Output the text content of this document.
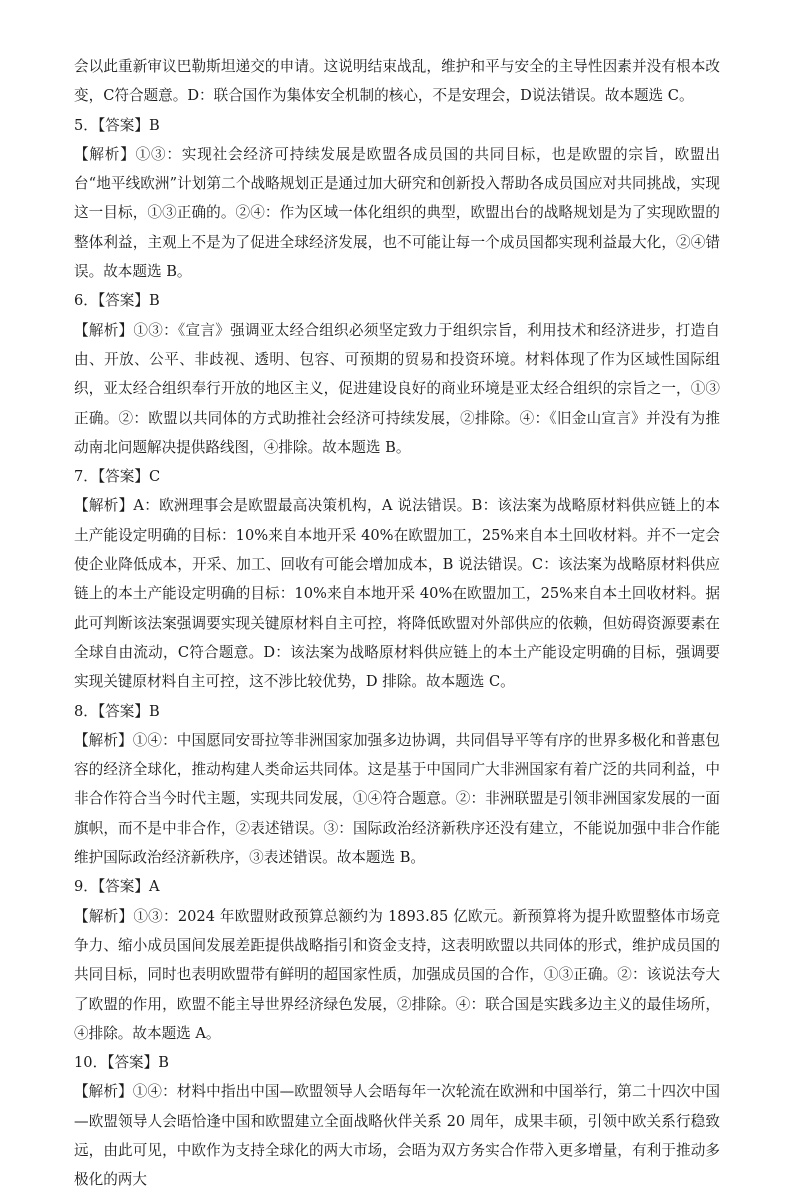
会以此重新审议巴勒斯坦递交的申请。这说明结束战乱，维护和平与安全的主导性因素并没有根本改变，C符合题意。D：联合国作为集体安全机制的核心，不是安理会，D说法错误。故本题选 C。

5．【答案】B

【解析】①③：实现社会经济可持续发展是欧盟各成员国的共同目标，也是欧盟的宗旨，欧盟出台“地平线欧洲”计划第二个战略规划正是通过加大研究和创新投入帮助各成员国应对共同挑战，实现这一目标，①③正确的。②④：作为区域一体化组织的典型，欧盟出台的战略规划是为了实现欧盟的整体利益，主观上不是为了促进全球经济发展，也不可能让每一个成员国都实现利益最大化，②④错误。故本题选 B。

6．【答案】B

【解析】①③：《宣言》强调亚太经合组织必须坚定致力于组织宗旨，利用技术和经济进步，打造自由、开放、公平、非歧视、透明、包容、可预期的贸易和投资环境。材料体现了作为区域性国际组织，亚太经合组织奉行开放的地区主义，促进建设良好的商业环境是亚太经合组织的宗旨之一，①③正确。②：欧盟以共同体的方式助推社会经济可持续发展，②排除。④：《旧金山宣言》并没有为推动南北问题解决提供路线图，④排除。故本题选 B。

7．【答案】C

【解析】A：欧洲理事会是欧盟最高决策机构，A 说法错误。B：该法案为战略原材料供应链上的本土产能设定明确的目标：10%来自本地开采 40%在欧盟加工，25%来自本土回收材料。并不一定会使企业降低成本，开采、加工、回收有可能会增加成本，B 说法错误。C：该法案为战略原材料供应链上的本土产能设定明确的目标：10%来自本地开采 40%在欧盟加工，25%来自本土回收材料。据此可判断该法案强调要实现关键原材料自主可控，将降低欧盟对外部供应的依赖，但妨碍资源要素在全球自由流动，C符合题意。D：该法案为战略原材料供应链上的本土产能设定明确的目标，强调要实现关键原材料自主可控，这不涉比较优势，D 排除。故本题选 C。

8．【答案】B

【解析】①④：中国愿同安哥拉等非洲国家加强多边协调，共同倡导平等有序的世界多极化和普惠包容的经济全球化，推动构建人类命运共同体。这是基于中国同广大非洲国家有着广泛的共同利益，中非合作符合当今时代主题，实现共同发展，①④符合题意。②：非洲联盟是引领非洲国家发展的一面旗帜，而不是中非合作，②表述错误。③：国际政治经济新秩序还没有建立，不能说加强中非合作能维护国际政治经济新秩序，③表述错误。故本题选 B。

9．【答案】A

【解析】①③：2024 年欧盟财政预算总额约为 1893.85 亿欧元。新预算将为提升欧盟整体市场竞争力、缩小成员国间发展差距提供战略指引和资金支持，这表明欧盟以共同体的形式，维护成员国的共同目标，同时也表明欧盟带有鲜明的超国家性质，加强成员国的合作，①③正确。②：该说法夸大了欧盟的作用，欧盟不能主导世界经济绿色发展，②排除。④：联合国是实践多边主义的最佳场所，④排除。故本题选 A。

10．【答案】B

【解析】①④：材料中指出中国—欧盟领导人会晤每年一次轮流在欧洲和中国举行，第二十四次中国—欧盟领导人会晤恰逢中国和欧盟建立全面战略伙伴关系 20 周年，成果丰硕，引领中欧关系行稳致远，由此可见，中欧作为支持全球化的两大市场，会晤为双方务实合作带入更多增量，有利于推动多极化的两大
